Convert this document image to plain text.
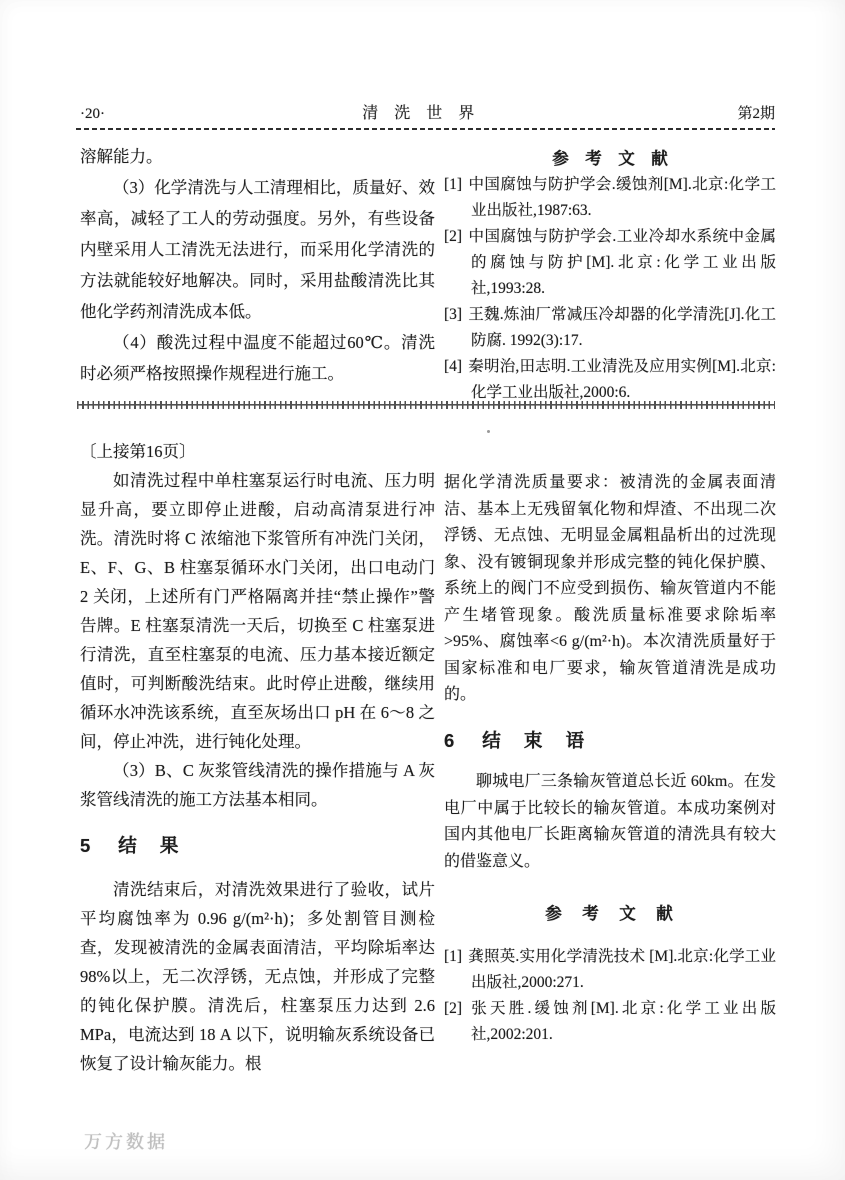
·20·	清 洗 世 界	第2期

溶解能力。

（3）化学清洗与人工清理相比，质量好、效率高，减轻了工人的劳动强度。另外，有些设备内壁采用人工清洗无法进行，而采用化学清洗的方法就能较好地解决。同时，采用盐酸清洗比其他化学药剂清洗成本低。

（4）酸洗过程中温度不能超过60℃。清洗时必须严格按照操作规程进行施工。

参　考　文　献

[1] 中国腐蚀与防护学会.缓蚀剂[M].北京:化学工业出版社,1987:63.

[2] 中国腐蚀与防护学会.工业冷却水系统中金属的腐蚀与防护[M].北京:化学工业出版社,1993:28.

[3] 王魏.炼油厂常减压冷却器的化学清洗[J].化工防腐. 1992(3):17.

[4] 秦明治,田志明.工业清洗及应用实例[M].北京:化学工业出版社,2000:6.

〔上接第16页〕

如清洗过程中单柱塞泵运行时电流、压力明显升高，要立即停止进酸，启动高清泵进行冲洗。清洗时将 C 浓缩池下浆管所有冲洗门关闭，E、F、G、B 柱塞泵循环水门关闭，出口电动门 2 关闭，上述所有门严格隔离并挂“禁止操作”警告牌。E 柱塞泵清洗一天后，切换至 C 柱塞泵进行清洗，直至柱塞泵的电流、压力基本接近额定值时，可判断酸洗结束。此时停止进酸，继续用循环水冲洗该系统，直至灰场出口 pH 在 6～8 之间，停止冲洗，进行钝化处理。

（3）B、C 灰浆管线清洗的操作措施与 A 灰浆管线清洗的施工方法基本相同。

5 结 果

清洗结束后，对清洗效果进行了验收，试片平均腐蚀率为 0.96 g/(m²·h)；多处割管目测检查，发现被清洗的金属表面清洁，平均除垢率达98%以上，无二次浮锈，无点蚀，并形成了完整的钝化保护膜。清洗后，柱塞泵压力达到 2.6 MPa，电流达到 18 A 以下，说明输灰系统设备已恢复了设计输灰能力。根

据化学清洗质量要求：被清洗的金属表面清洁、基本上无残留氧化物和焊渣、不出现二次浮锈、无点蚀、无明显金属粗晶析出的过洗现象、没有镀铜现象并形成完整的钝化保护膜、系统上的阀门不应受到损伤、输灰管道内不能产生堵管现象。酸洗质量标准要求除垢率>95%、腐蚀率<6 g/(m²·h)。本次清洗质量好于国家标准和电厂要求，输灰管道清洗是成功的。

6 结 束 语

聊城电厂三条输灰管道总长近 60km。在发电厂中属于比较长的输灰管道。本成功案例对国内其他电厂长距离输灰管道的清洗具有较大的借鉴意义。

参　考　文　献

[1] 龚照英.实用化学清洗技术 [M].北京:化学工业出版社,2000:271.

[2] 张天胜.缓蚀剂[M].北京:化学工业出版社,2002:201.

万方数据
